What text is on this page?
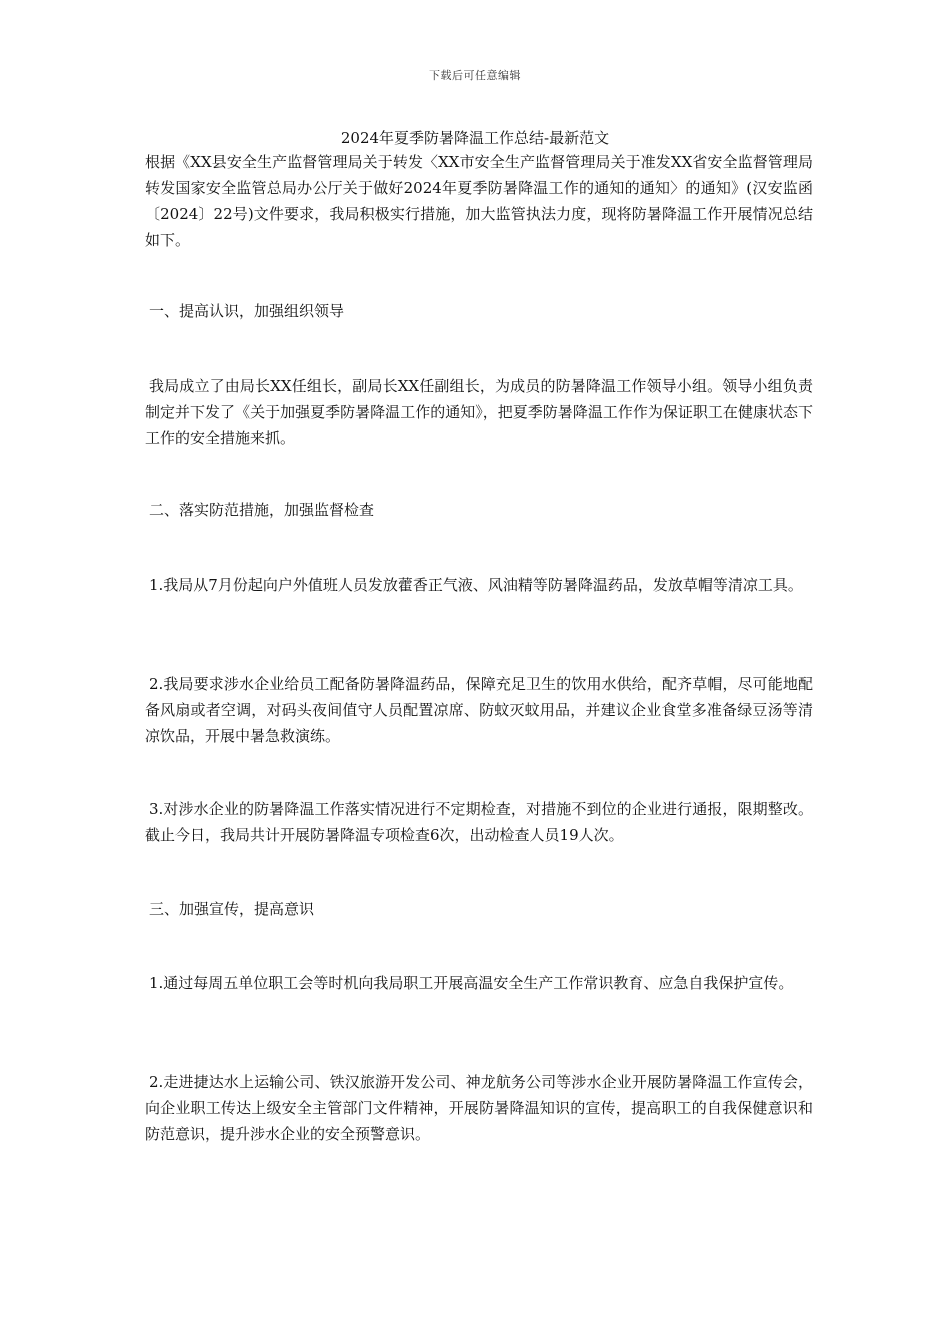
下载后可任意编辑
2024年夏季防暑降温工作总结-最新范文

根据《XX县安全生产监督管理局关于转发〈XX市安全生产监督管理局关于准发XX省安全监督管理局转发国家安全监管总局办公厅关于做好2024年夏季防暑降温工作的通知的通知〉的通知》(汉安监函〔2024〕22号)文件要求，我局积极实行措施，加大监管执法力度，现将防暑降温工作开展情况总结如下。

一、提高认识，加强组织领导

我局成立了由局长XX任组长，副局长XX任副组长，为成员的防暑降温工作领导小组。领导小组负责制定并下发了《关于加强夏季防暑降温工作的通知》，把夏季防暑降温工作作为保证职工在健康状态下工作的安全措施来抓。

二、落实防范措施，加强监督检查

1.我局从7月份起向户外值班人员发放藿香正气液、风油精等防暑降温药品，发放草帽等清凉工具。

2.我局要求涉水企业给员工配备防暑降温药品，保障充足卫生的饮用水供给，配齐草帽，尽可能地配备风扇或者空调，对码头夜间值守人员配置凉席、防蚊灭蚊用品，并建议企业食堂多准备绿豆汤等清凉饮品，开展中暑急救演练。

3.对涉水企业的防暑降温工作落实情况进行不定期检查，对措施不到位的企业进行通报，限期整改。截止今日，我局共计开展防暑降温专项检查6次，出动检查人员19人次。

三、加强宣传，提高意识

1.通过每周五单位职工会等时机向我局职工开展高温安全生产工作常识教育、应急自我保护宣传。

2.走进捷达水上运输公司、铁汉旅游开发公司、神龙航务公司等涉水企业开展防暑降温工作宣传会，向企业职工传达上级安全主管部门文件精神，开展防暑降温知识的宣传，提高职工的自我保健意识和防范意识，提升涉水企业的安全预警意识。
